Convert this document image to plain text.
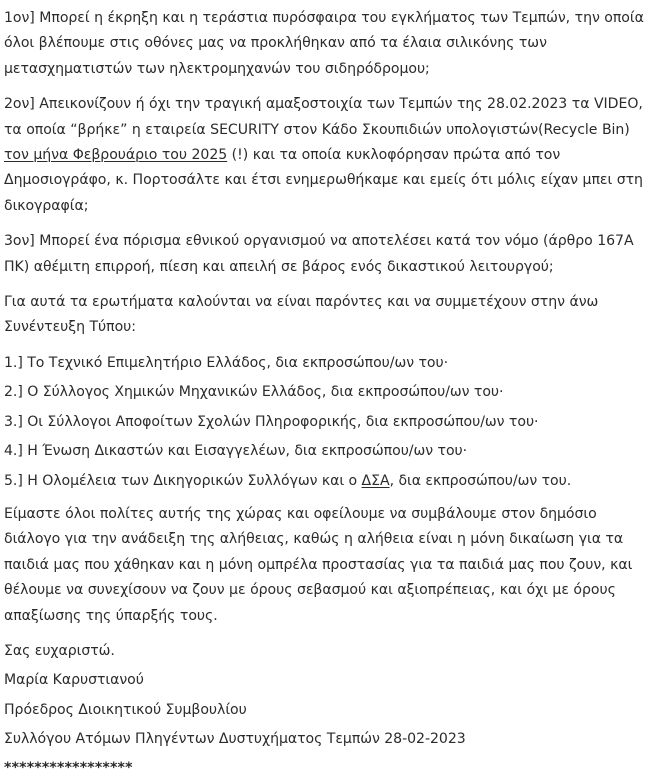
1ον] Μπορεί η έκρηξη και η τεράστια πυρόσφαιρα του εγκλήματος των Τεμπών, την οποία όλοι βλέπουμε στις οθόνες μας να προκλήθηκαν από τα έλαια σιλικόνης των μετασχηματιστών των ηλεκτρομηχανών του σιδηρόδρομου;

2ον] Απεικονίζουν ή όχι την τραγική αμαξοστοιχία των Τεμπών της 28.02.2023 τα VIDEO, τα οποία “βρήκε” η εταιρεία SECURITY στον Κάδο Σκουπιδιών υπολογιστών(Recycle Bin) τον μήνα Φεβρουάριο του 2025 (!) και τα οποία κυκλοφόρησαν πρώτα από τον Δημοσιογράφο, κ. Πορτοσάλτε και έτσι ενημερωθήκαμε και εμείς ότι μόλις είχαν μπει στη δικογραφία;

3ον] Μπορεί ένα πόρισμα εθνικού οργανισμού να αποτελέσει κατά τον νόμο (άρθρο 167Α ΠΚ) αθέμιτη επιρροή, πίεση και απειλή σε βάρος ενός δικαστικού λειτουργού;

Για αυτά τα ερωτήματα καλούνται να είναι παρόντες και να συμμετέχουν στην άνω Συνέντευξη Τύπου:

1.] Το Τεχνικό Επιμελητήριο Ελλάδος, δια εκπροσώπου/ων του·

2.] Ο Σύλλογος Χημικών Μηχανικών Ελλάδος, δια εκπροσώπου/ων του·

3.] Οι Σύλλογοι Αποφοίτων Σχολών Πληροφορικής, δια εκπροσώπου/ων του·

4.] Η Ένωση Δικαστών και Εισαγγελέων, δια εκπροσώπου/ων του·

5.] Η Ολομέλεια των Δικηγορικών Συλλόγων και ο ΔΣΑ, δια εκπροσώπου/ων του.

Είμαστε όλοι πολίτες αυτής της χώρας και οφείλουμε να συμβάλουμε στον δημόσιο διάλογο για την ανάδειξη της αλήθειας, καθώς η αλήθεια είναι η μόνη δικαίωση για τα παιδιά μας που χάθηκαν και η μόνη ομπρέλα προστασίας για τα παιδιά μας που ζουν, και θέλουμε να συνεχίσουν να ζουν με όρους σεβασμού και αξιοπρέπειας, και όχι με όρους απαξίωσης της ύπαρξής τους.

Σας ευχαριστώ.

Μαρία Καρυστιανού

Πρόεδρος Διοικητικού Συμβουλίου

Συλλόγου Ατόμων Πληγέντων Δυστυχήματος Τεμπών 28-02-2023

*****************
